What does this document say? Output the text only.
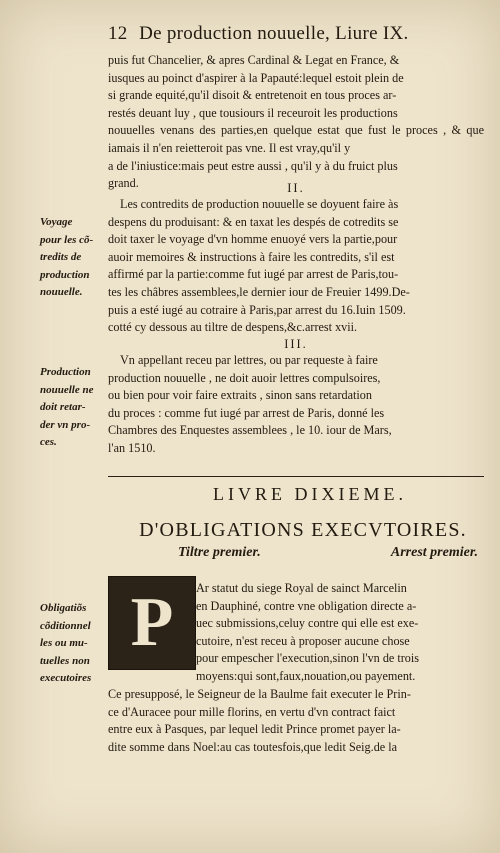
12 De production nouuelle, Liure IX.
puis fut Chancelier, & apres Cardinal & Legat en France, &
iusques au poinct d'aspirer à la Papauté:lequel estoit plein de
si grande equité,qu'il disoit & entretenoit en tous proces ar-
restés deuant luy , que tousiours il receuroit les productions
nouuelles venans des parties,en quelque estat que fust le proces , & que iamais il n'en reietteroit pas vne. Il est vray,qu'il y
a de l'iniustice:mais peut estre aussi , qu'il y à du fruict plus
grand.	II.
Les contredits de production nouuelle se doyuent faire às
despens du produisant: & en taxat les despés de cotredits se
doit taxer le voyage d'vn homme enuoyé vers la partie,pour
auoir memoires & instructions à faire les contredits, s'il est
affirmé par la partie:comme fut iugé par arrest de Paris,tou-
tes les châbres assemblees,le dernier iour de Freuier 1499.De-
puis a esté iugé au cotraire à Paris,par arrest du 16.Iuin 1509.
cotté cy dessous au tiltre de despens,&c.arrest xvii.
Voyage
pour les cõ-
tredits de
production
nouuelle.
III.
Vn appellant receu par lettres, ou par requeste à faire
production nouuelle , ne doit auoir lettres compulsoires,
ou bien pour voir faire extraits , sinon sans retardation
du proces : comme fut iugé par arrest de Paris, donné les
Chambres des Enquestes assemblees , le 10. iour de Mars,
l'an 1510.
Production
nouuelle ne
doit retar-
der vn pro-
ces.
LIVRE DIXIEME.
D'OBLIGATIONS EXECVTOIRES.
Tiltre premier.	Arrest premier.
P Ar statut du siege Royal de sainct Marcelin
en Dauphiné, contre vne obligation directe a-
uec submissions,celuy contre qui elle est exe-
cutoire, n'est receu à proposer aucune chose
pour empescher l'execution,sinon l'vn de trois
moyens:qui sont,faux,nouation,ou payement.
Ce presupposé, le Seigneur de la Baulme fait executer le Prin-
ce d'Auracee pour mille florins, en vertu d'vn contract faict
entre eux à Pasques, par lequel ledit Prince promet payer la-
dite somme dans Noel:au cas toutesfois,que ledit Seig.de la
Obligatiõs
cõditionnel
les ou mu-
tuelles non
executoires
